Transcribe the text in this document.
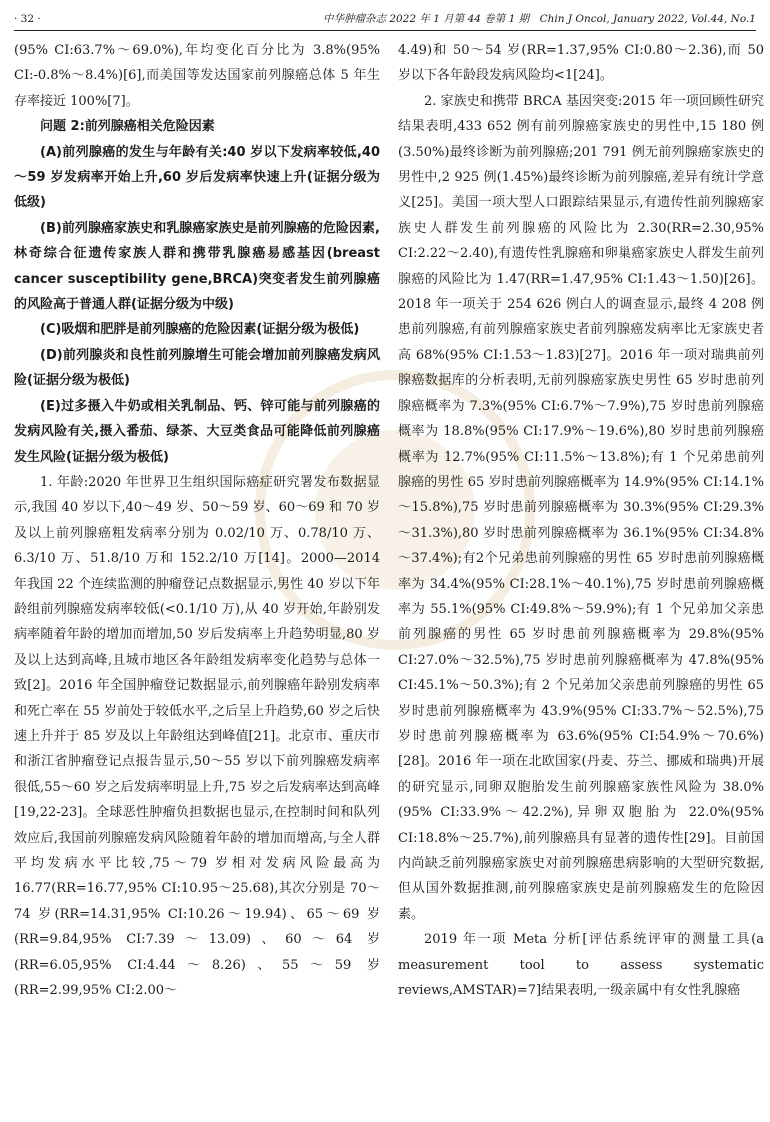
· 32 ·	中华肿瘤杂志 2022 年 1 月第 44 卷第 1 期　Chin J Oncol, January 2022, Vol.44, No.1

(95% CI:63.7%～69.0%),年均变化百分比为 3.8%(95% CI:-0.8%～8.4%)[6],而美国等发达国家前列腺癌总体 5 年生存率接近 100%[7]。

问题 2:前列腺癌相关危险因素

(A)前列腺癌的发生与年龄有关:40 岁以下发病率较低,40～59 岁发病率开始上升,60 岁后发病率快速上升(证据分级为低级)

(B)前列腺癌家族史和乳腺癌家族史是前列腺癌的危险因素,林奇综合征遗传家族人群和携带乳腺癌易感基因(breast cancer susceptibility gene,BRCA)突变者发生前列腺癌的风险高于普通人群(证据分级为中级)

(C)吸烟和肥胖是前列腺癌的危险因素(证据分级为极低)

(D)前列腺炎和良性前列腺增生可能会增加前列腺癌发病风险(证据分级为极低)

(E)过多摄入牛奶或相关乳制品、钙、锌可能与前列腺癌的发病风险有关,摄入番茄、绿茶、大豆类食品可能降低前列腺癌发生风险(证据分级为极低)

1. 年龄:2020 年世界卫生组织国际癌症研究署发布数据显示,我国 40 岁以下,40～49 岁、50～59 岁、60～69 和 70 岁及以上前列腺癌粗发病率分别为 0.02/10 万、0.78/10 万、6.3/10 万、51.8/10 万和 152.2/10 万[14]。2000—2014 年我国 22 个连续监测的肿瘤登记点数据显示,男性 40 岁以下年龄组前列腺癌发病率较低(<0.1/10 万),从 40 岁开始,年龄别发病率随着年龄的增加而增加,50 岁后发病率上升趋势明显,80 岁及以上达到高峰,且城市地区各年龄组发病率变化趋势与总体一致[2]。2016 年全国肿瘤登记数据显示,前列腺癌年龄别发病率和死亡率在 55 岁前处于较低水平,之后呈上升趋势,60 岁之后快速上升并于 85 岁及以上年龄组达到峰值[21]。北京市、重庆市和浙江省肿瘤登记点报告显示,50～55 岁以下前列腺癌发病率很低,55～60 岁之后发病率明显上升,75 岁之后发病率达到高峰[19,22-23]。全球恶性肿瘤负担数据也显示,在控制时间和队列效应后,我国前列腺癌发病风险随着年龄的增加而增高,与全人群平均发病水平比较,75～79 岁相对发病风险最高为 16.77(RR=16.77,95% CI:10.95～25.68),其次分别是 70～74 岁(RR=14.31,95% CI:10.26～19.94)、65～69 岁(RR=9.84,95% CI:7.39～13.09)、60～64 岁(RR=6.05,95% CI:4.44～8.26)、55～59 岁(RR=2.99,95% CI:2.00～

4.49)和 50～54 岁(RR=1.37,95% CI:0.80～2.36),而 50 岁以下各年龄段发病风险均<1[24]。

2. 家族史和携带 BRCA 基因突变:2015 年一项回顾性研究结果表明,433 652 例有前列腺癌家族史的男性中,15 180 例(3.50%)最终诊断为前列腺癌;201 791 例无前列腺癌家族史的男性中,2 925 例(1.45%)最终诊断为前列腺癌,差异有统计学意义[25]。美国一项大型人口跟踪结果显示,有遗传性前列腺癌家族史人群发生前列腺癌的风险比为 2.30(RR=2.30,95% CI:2.22～2.40),有遗传性乳腺癌和卵巢癌家族史人群发生前列腺癌的风险比为 1.47(RR=1.47,95% CI:1.43～1.50)[26]。2018 年一项关于 254 626 例白人的调查显示,最终 4 208 例患前列腺癌,有前列腺癌家族史者前列腺癌发病率比无家族史者高 68%(95% CI:1.53～1.83)[27]。2016 年一项对瑞典前列腺癌数据库的分析表明,无前列腺癌家族史男性 65 岁时患前列腺癌概率为 7.3%(95% CI:6.7%～7.9%),75 岁时患前列腺癌概率为 18.8%(95% CI:17.9%～19.6%),80 岁时患前列腺癌概率为 12.7%(95% CI:11.5%～13.8%);有 1 个兄弟患前列腺癌的男性 65 岁时患前列腺癌概率为 14.9%(95% CI:14.1%～15.8%),75 岁时患前列腺癌概率为 30.3%(95% CI:29.3%～31.3%),80 岁时患前列腺癌概率为 36.1%(95% CI:34.8%～37.4%);有2个兄弟患前列腺癌的男性 65 岁时患前列腺癌概率为 34.4%(95% CI:28.1%～40.1%),75 岁时患前列腺癌概率为 55.1%(95% CI:49.8%～59.9%);有 1 个兄弟加父亲患前列腺癌的男性 65 岁时患前列腺癌概率为 29.8%(95% CI:27.0%～32.5%),75 岁时患前列腺癌概率为 47.8%(95% CI:45.1%～50.3%);有 2 个兄弟加父亲患前列腺癌的男性 65 岁时患前列腺癌概率为 43.9%(95% CI:33.7%～52.5%),75 岁时患前列腺癌概率为 63.6%(95% CI:54.9%～70.6%)[28]。2016 年一项在北欧国家(丹麦、芬兰、挪威和瑞典)开展的研究显示,同卵双胞胎发生前列腺癌家族性风险为 38.0%(95% CI:33.9%～42.2%),异卵双胞胎为 22.0%(95% CI:18.8%～25.7%),前列腺癌具有显著的遗传性[29]。目前国内尚缺乏前列腺癌家族史对前列腺癌患病影响的大型研究数据,但从国外数据推测,前列腺癌家族史是前列腺癌发生的危险因素。

2019 年一项 Meta 分析[评估系统评审的测量工具(a measurement tool to assess systematic reviews,AMSTAR)=7]结果表明,一级亲属中有女性乳腺癌
